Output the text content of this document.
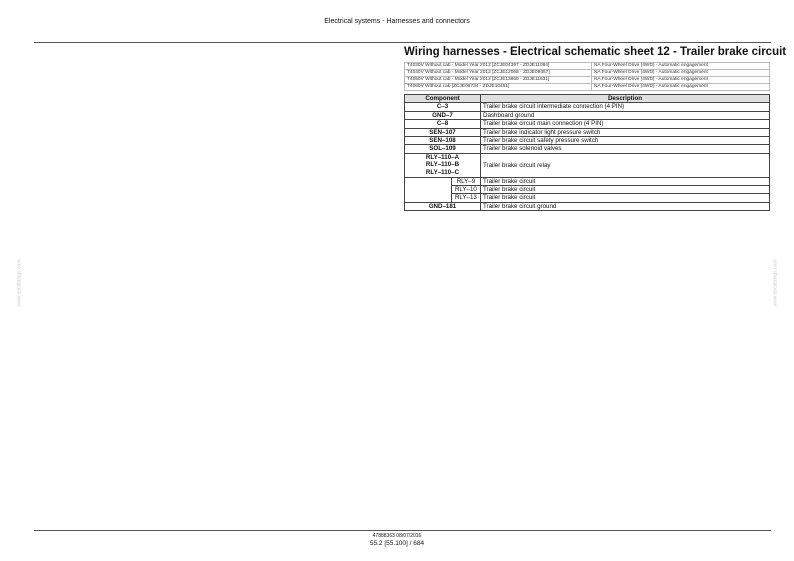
Electrical systems - Harnesses and connectors
Wiring harnesses - Electrical schematic sheet 12 - Trailer brake circuit
T4030V Without cab - Model Year 2012 [ZCJE04397 - ZDJE11084]	NA Four-Wheel Drive (4WD) - Automatic engagement
T4040V Without cab - Model Year 2012 [ZCJE12068 - ZDJE09467]	NA Four-Wheel Drive (4WD) - Automatic engagement
T4050V Without cab - Model Year 2012 [ZCJE13869 - ZDJE11531]	NA Four-Wheel Drive (4WD) - Automatic engagement
T4060V Without cab [ZCJE09734 - ZDJE10451]	NA Four-Wheel Drive (4WD) - Automatic engagement
Component		Description
C–3		Trailer brake circuit intermediate connection (4 PIN)
GND–7		Dashboard ground
C–8		Trailer brake circuit main connection (4 PIN)
SEN–107		Trailer brake indicator light pressure switch
SEN–108		Trailer brake circuit safety pressure switch
SOL–109		Trailer brake solenoid valves

RLY–110–A
RLY–110–B
RLY–110–C		Trailer brake circuit relay
	RLY–9	Trailer brake circuit
	RLY–10	Trailer brake circuit
	RLY–13	Trailer brake circuit
GND–181		Trailer brake circuit ground
www.epcatalogs.com	www.epcatalogs.com
47888363 08/07/2016
55.2 [55.100] / 684
